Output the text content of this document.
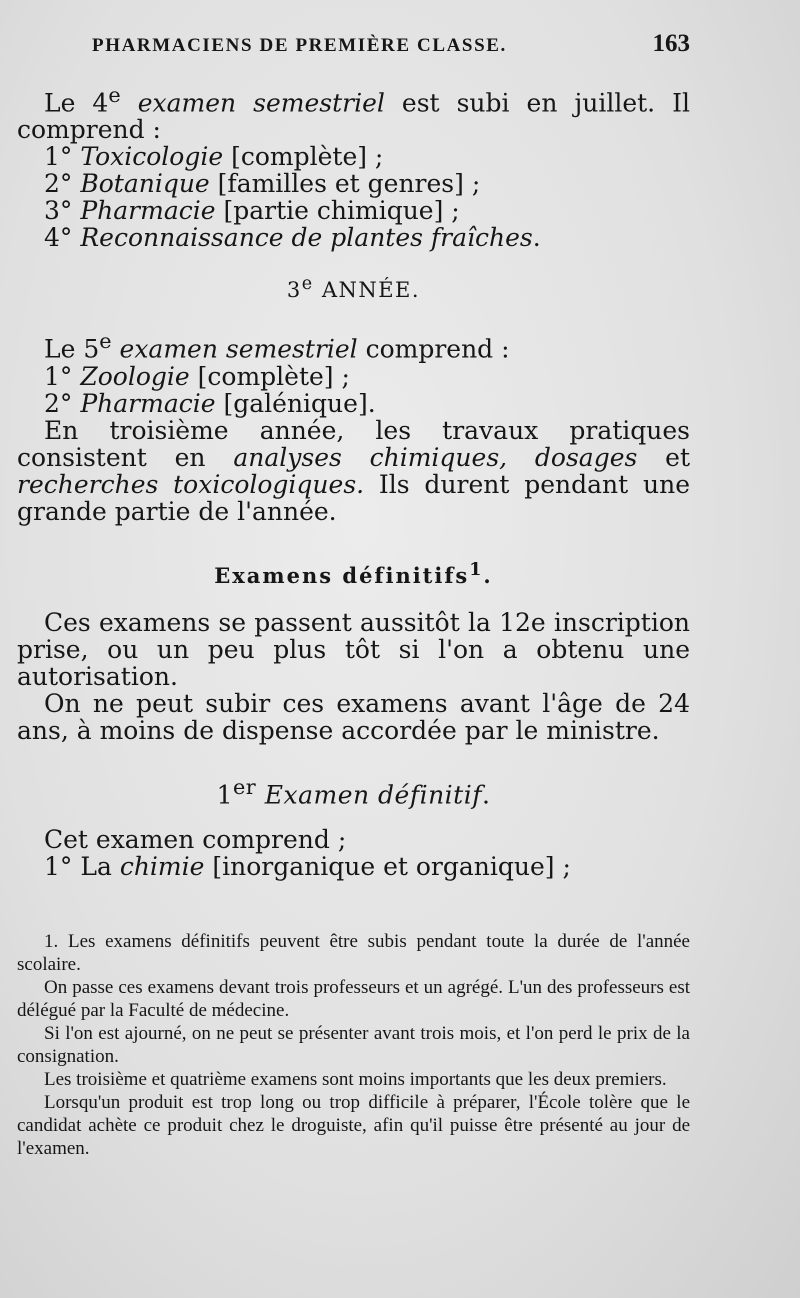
PHARMACIENS DE PREMIÈRE CLASSE.	163

Le 4e examen semestriel est subi en juillet. Il comprend :

1° Toxicologie [complète] ;

2° Botanique [familles et genres] ;

3° Pharmacie [partie chimique] ;

4° Reconnaissance de plantes fraîches.

3e ANNÉE.

Le 5e examen semestriel comprend :

1° Zoologie [complète] ;

2° Pharmacie [galénique].

En troisième année, les travaux pratiques consistent en analyses chimiques, dosages et recherches toxicologiques. Ils durent pendant une grande partie de l'année.

Examens définitifs$^1$.

Ces examens se passent aussitôt la 12e inscription prise, ou un peu plus tôt si l'on a obtenu une autorisation.

On ne peut subir ces examens avant l'âge de 24 ans, à moins de dispense accordée par le ministre.

1er Examen définitif.

Cet examen comprend ;

1° La chimie [inorganique et organique] ;

1. Les examens définitifs peuvent être subis pendant toute la durée de l'année scolaire.

On passe ces examens devant trois professeurs et un agrégé. L'un des professeurs est délégué par la Faculté de médecine.

Si l'on est ajourné, on ne peut se présenter avant trois mois, et l'on perd le prix de la consignation.

Les troisième et quatrième examens sont moins importants que les deux premiers.

Lorsqu'un produit est trop long ou trop difficile à préparer, l'École tolère que le candidat achète ce produit chez le droguiste, afin qu'il puisse être présenté au jour de l'examen.
